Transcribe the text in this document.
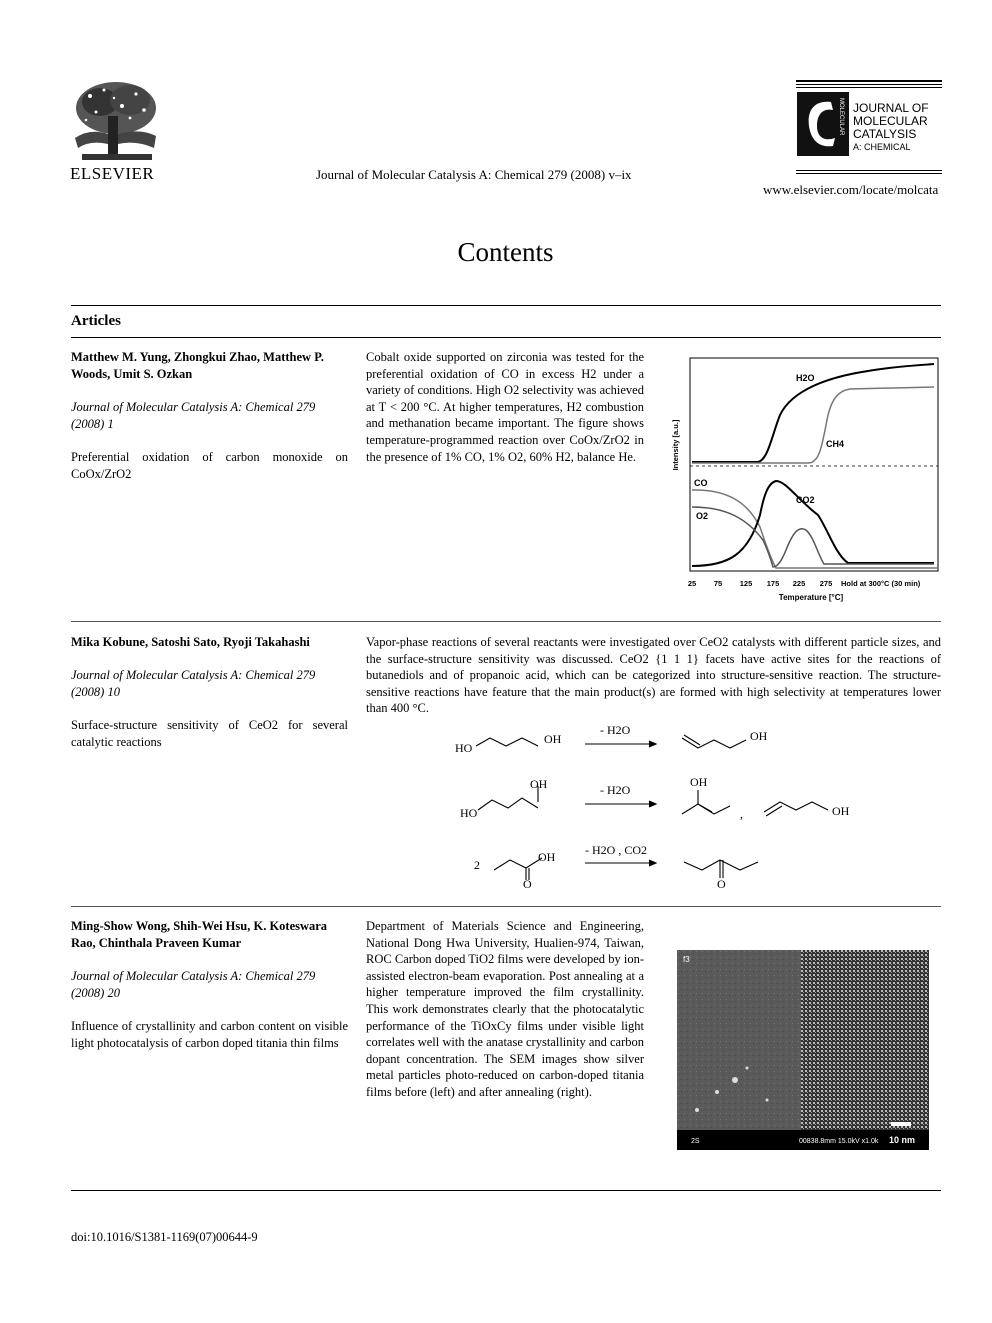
ELSEVIER	Journal of Molecular Catalysis A: Chemical 279 (2008) v–ix
MOLECULAR JOURNAL OF
MOLECULAR
CATALYSIS
A: CHEMICAL
www.elsevier.com/locate/molcata
Contents
Articles
Matthew M. Yung, Zhongkui Zhao, Matthew P. Woods, Umit S. Ozkan
Journal of Molecular Catalysis A: Chemical 279 (2008) 1
Preferential oxidation of carbon monoxide on CoOx/ZrO2
Cobalt oxide supported on zirconia was tested for the preferential oxidation of CO in excess H2 under a variety of conditions. High O2 selectivity was achieved at T < 200 °C. At higher temperatures, H2 combustion and methanation became important. The figure shows temperature-programmed reaction over CoOx/ZrO2 in the presence of 1% CO, 1% O2, 60% H2, balance He.
H2O
CH4
CO
CO2
O2
Intensity [a.u.]
25 75 125 175 225 275 Hold at 300°C (30 min)
Temperature [°C]
Mika Kobune, Satoshi Sato, Ryoji Takahashi
Journal of Molecular Catalysis A: Chemical 279 (2008) 10
Surface-structure sensitivity of CeO2 for several catalytic reactions
Vapor-phase reactions of several reactants were investigated over CeO2 catalysts with different particle sizes, and the surface-structure sensitivity was discussed. CeO2 {1 1 1} facets have active sites for the reactions of butanediols and of propanoic acid, which can be categorized into structure-sensitive reaction. The structure-sensitive reactions have feature that the main product(s) are formed with high selectivity at temperatures lower than 400 °C.
HO
OH
- H2O	OH
HO
OH	- H2O
OH
,	OH
2
OH
O
- H2O , CO2
O
Ming-Show Wong, Shih-Wei Hsu, K. Koteswara Rao, Chinthala Praveen Kumar
Journal of Molecular Catalysis A: Chemical 279 (2008) 20
Influence of crystallinity and carbon content on visible light photocatalysis of carbon doped titania thin films
Department of Materials Science and Engineering, National Dong Hwa University, Hualien-974, Taiwan, ROC Carbon doped TiO2 films were developed by ion-assisted electron-beam evaporation. Post annealing at a higher temperature improved the film crystallinity. This work demonstrates clearly that the photocatalytic performance of the TiOxCy films under visible light correlates well with the anatase crystallinity and carbon dopant concentration. The SEM images show silver metal particles photo-reduced on carbon-doped titania films before (left) and after annealing (right).
f3
2S	00838.8mm 15.0kV x1.0k 10 nm
doi:10.1016/S1381-1169(07)00644-9
